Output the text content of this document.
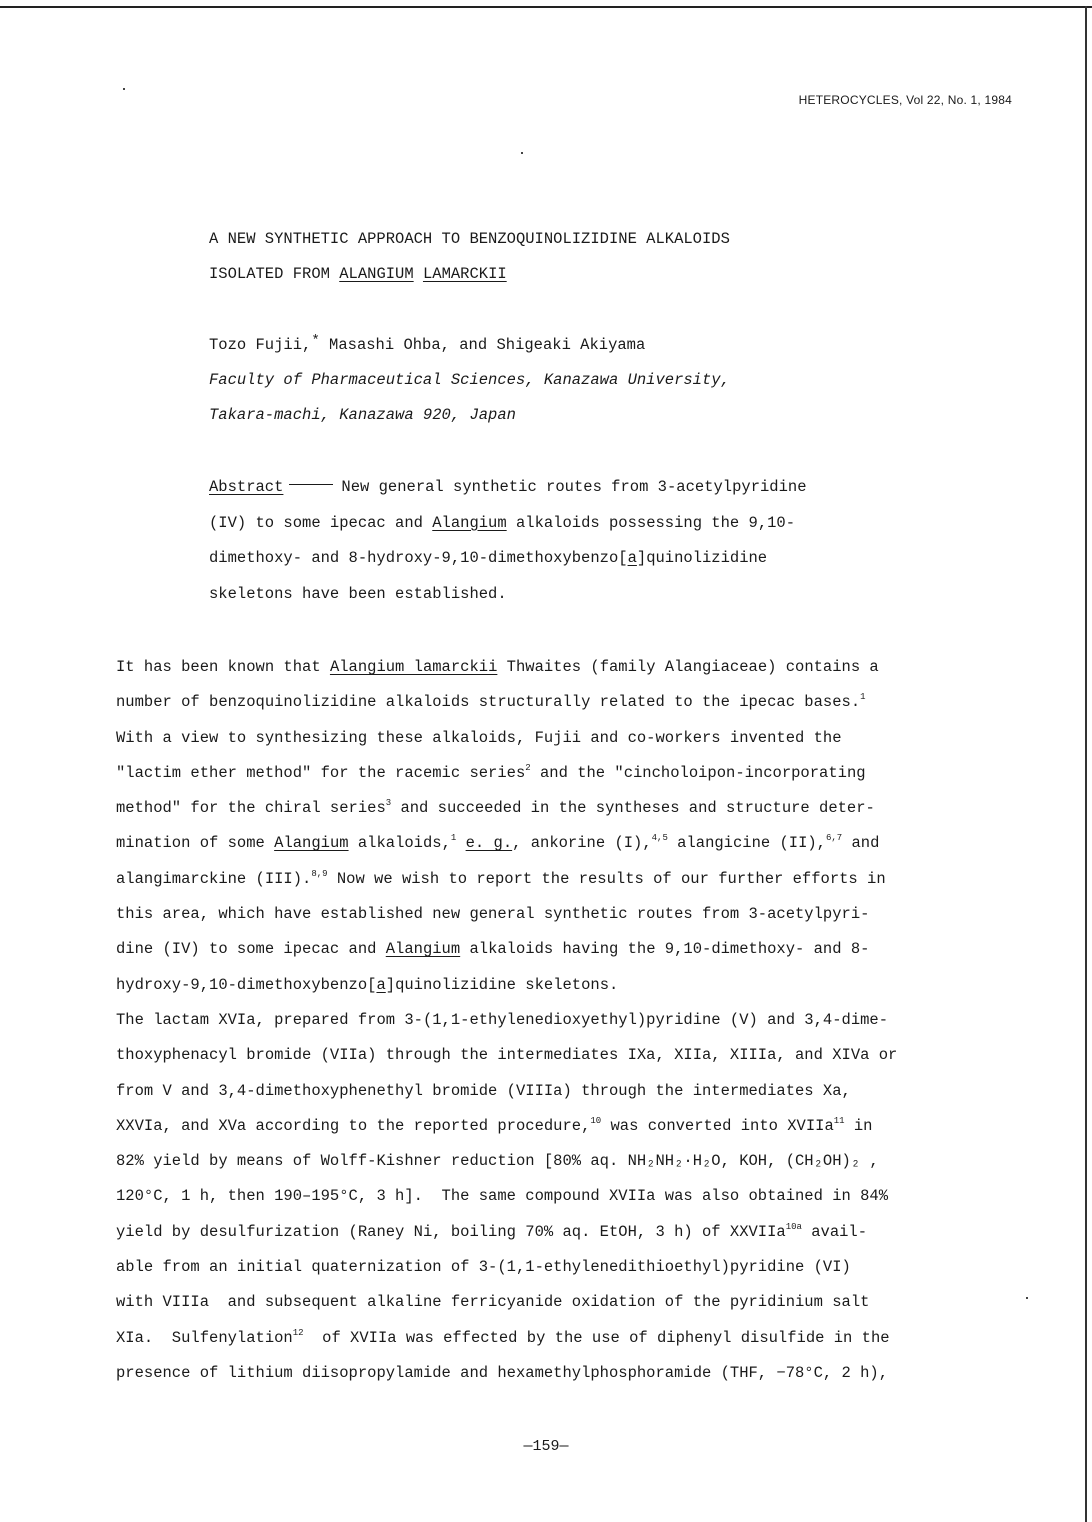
HETEROCYCLES, Vol 22, No. 1, 1984
A NEW SYNTHETIC APPROACH TO BENZOQUINOLIZIDINE ALKALOIDS
ISOLATED FROM ALANGIUM LAMARCKII
Tozo Fujii,* Masashi Ohba, and Shigeaki Akiyama
Faculty of Pharmaceutical Sciences, Kanazawa University,
Takara-machi, Kanazawa 920, Japan
Abstract	New general synthetic routes from 3-acetylpyridine
(IV) to some ipecac and Alangium alkaloids possessing the 9,10-
dimethoxy- and 8-hydroxy-9,10-dimethoxybenzo[a]quinolizidine
skeletons have been established.
It has been known that Alangium lamarckii Thwaites (family Alangiaceae) contains a
number of benzoquinolizidine alkaloids structurally related to the ipecac bases.$^1$
With a view to synthesizing these alkaloids, Fujii and co-workers invented the
"lactim ether method" for the racemic series$^2$ and the "cincholoipon-incorporating
method" for the chiral series$^3$ and succeeded in the syntheses and structure deter-
mination of some Alangium alkaloids,$^1$ e. g., ankorine (I),$^{4,5}$ alangicine (II),$^{6,7}$ and
alangimarckine (III).$^{8,9}$ Now we wish to report the results of our further efforts in
this area, which have established new general synthetic routes from 3-acetylpyri-
dine (IV) to some ipecac and Alangium alkaloids having the 9,10-dimethoxy- and 8-
hydroxy-9,10-dimethoxybenzo[a]quinolizidine skeletons.
The lactam XVIa, prepared from 3-(1,1-ethylenedioxyethyl)pyridine (V) and 3,4-dime-
thoxyphenacyl bromide (VIIa) through the intermediates IXa, XIIa, XIIIa, and XIVa or
from V and 3,4-dimethoxyphenethyl bromide (VIIIa) through the intermediates Xa,
XXVIa, and XVa according to the reported procedure,$^{10}$ was converted into XVIIa$^{11}$ in
82% yield by means of Wolff-Kishner reduction [80% aq. NH₂NH₂·H₂O, KOH, (CH₂OH)₂ ,
120°C, 1 h, then 190–195°C, 3 h].  The same compound XVIIa was also obtained in 84%
yield by desulfurization (Raney Ni, boiling 70% aq. EtOH, 3 h) of XXVIIa$^{10a}$ avail-
able from an initial quaternization of 3-(1,1-ethylenedithioethyl)pyridine (VI)
with VIIIa  and subsequent alkaline ferricyanide oxidation of the pyridinium salt
XIa.  Sulfenylation$^{12}$  of XVIIa was effected by the use of diphenyl disulfide in the
presence of lithium diisopropylamide and hexamethylphosphoramide (THF, −78°C, 2 h),
—159—
